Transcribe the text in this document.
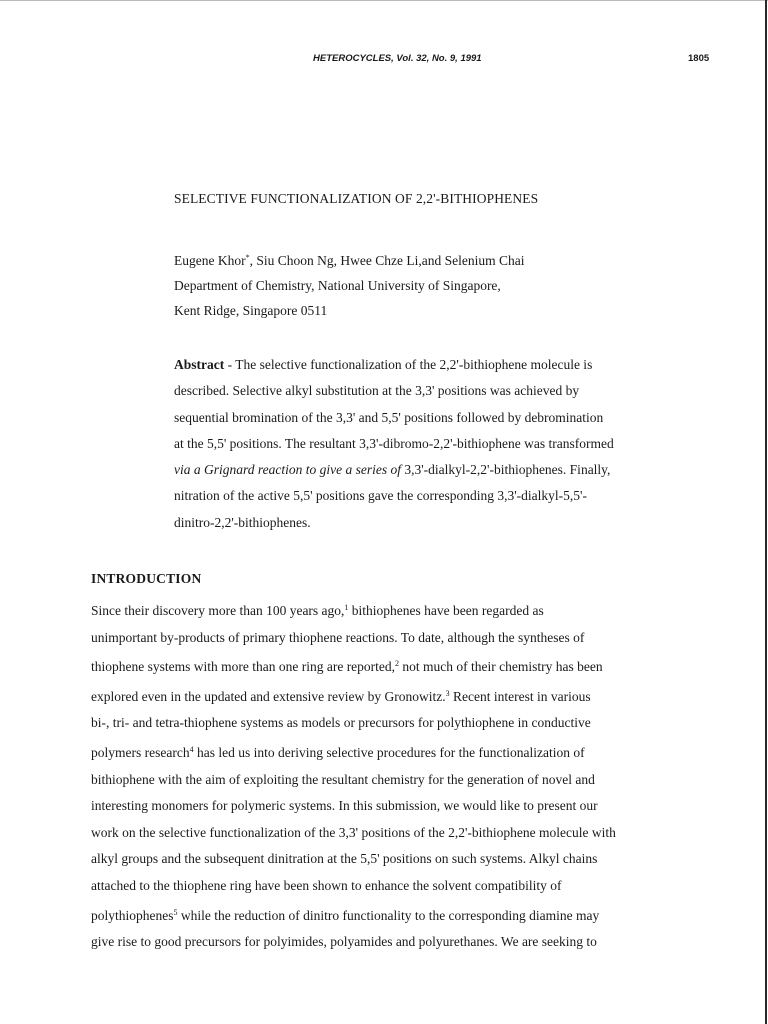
HETEROCYCLES, Vol. 32, No. 9, 1991	1805
SELECTIVE FUNCTIONALIZATION OF 2,2'-BITHIOPHENES
Eugene Khor*, Siu Choon Ng, Hwee Chze Li,and Selenium Chai
Department of Chemistry, National University of Singapore,
Kent Ridge, Singapore 0511
Abstract - The selective functionalization of the 2,2'-bithiophene molecule is
described. Selective alkyl substitution at the 3,3' positions was achieved by
sequential bromination of the 3,3' and 5,5' positions followed by debromination
at the 5,5' positions. The resultant 3,3'-dibromo-2,2'-bithiophene was transformed
via a Grignard reaction to give a series of 3,3'-dialkyl-2,2'-bithiophenes. Finally,
nitration of the active 5,5' positions gave the corresponding 3,3'-dialkyl-5,5'-
dinitro-2,2'-bithiophenes.
INTRODUCTION
Since their discovery more than 100 years ago,$^1$ bithiophenes have been regarded as
unimportant by-products of primary thiophene reactions. To date, although the syntheses of
thiophene systems with more than one ring are reported,$^2$ not much of their chemistry has been
explored even in the updated and extensive review by Gronowitz.$^3$ Recent interest in various
bi-, tri- and tetra-thiophene systems as models or precursors for polythiophene in conductive
polymers research$^4$ has led us into deriving selective procedures for the functionalization of
bithiophene with the aim of exploiting the resultant chemistry for the generation of novel and
interesting monomers for polymeric systems. In this submission, we would like to present our
work on the selective functionalization of the 3,3' positions of the 2,2'-bithiophene molecule with
alkyl groups and the subsequent dinitration at the 5,5' positions on such systems. Alkyl chains
attached to the thiophene ring have been shown to enhance the solvent compatibility of
polythiophenes$^5$ while the reduction of dinitro functionality to the corresponding diamine may
give rise to good precursors for polyimides, polyamides and polyurethanes. We are seeking to
